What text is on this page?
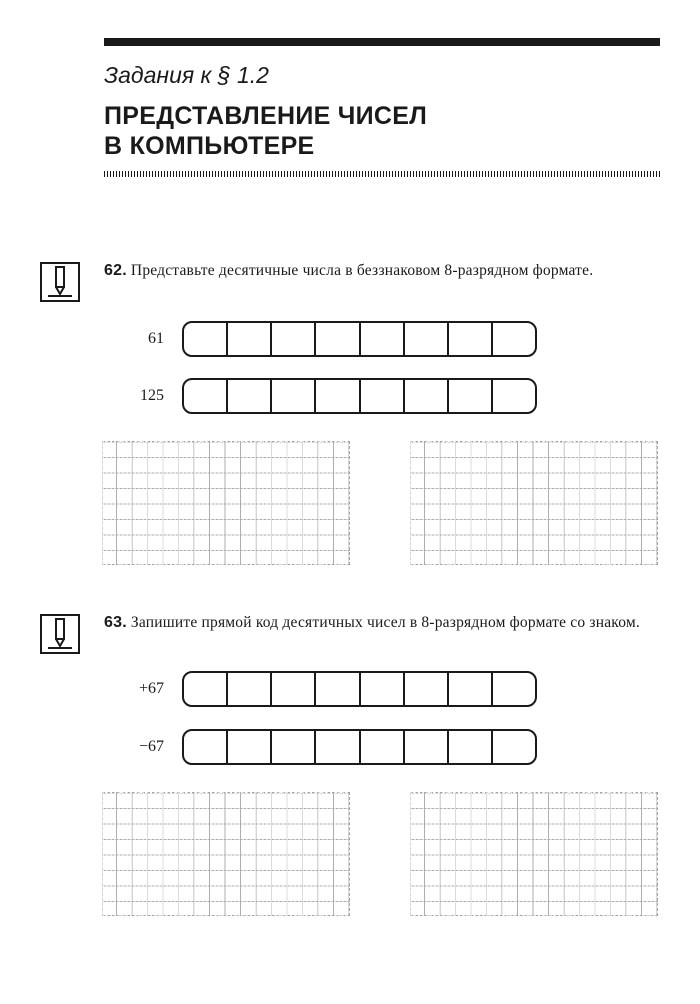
Задания к § 1.2
ПРЕДСТАВЛЕНИЕ ЧИСЕЛ
В КОМПЬЮТЕРЕ
62. Представьте десятичные числа в беззнаковом 8-разрядном формате.
61
125
63. Запишите прямой код десятичных чисел в 8-разрядном формате со знаком.
+67
−67
